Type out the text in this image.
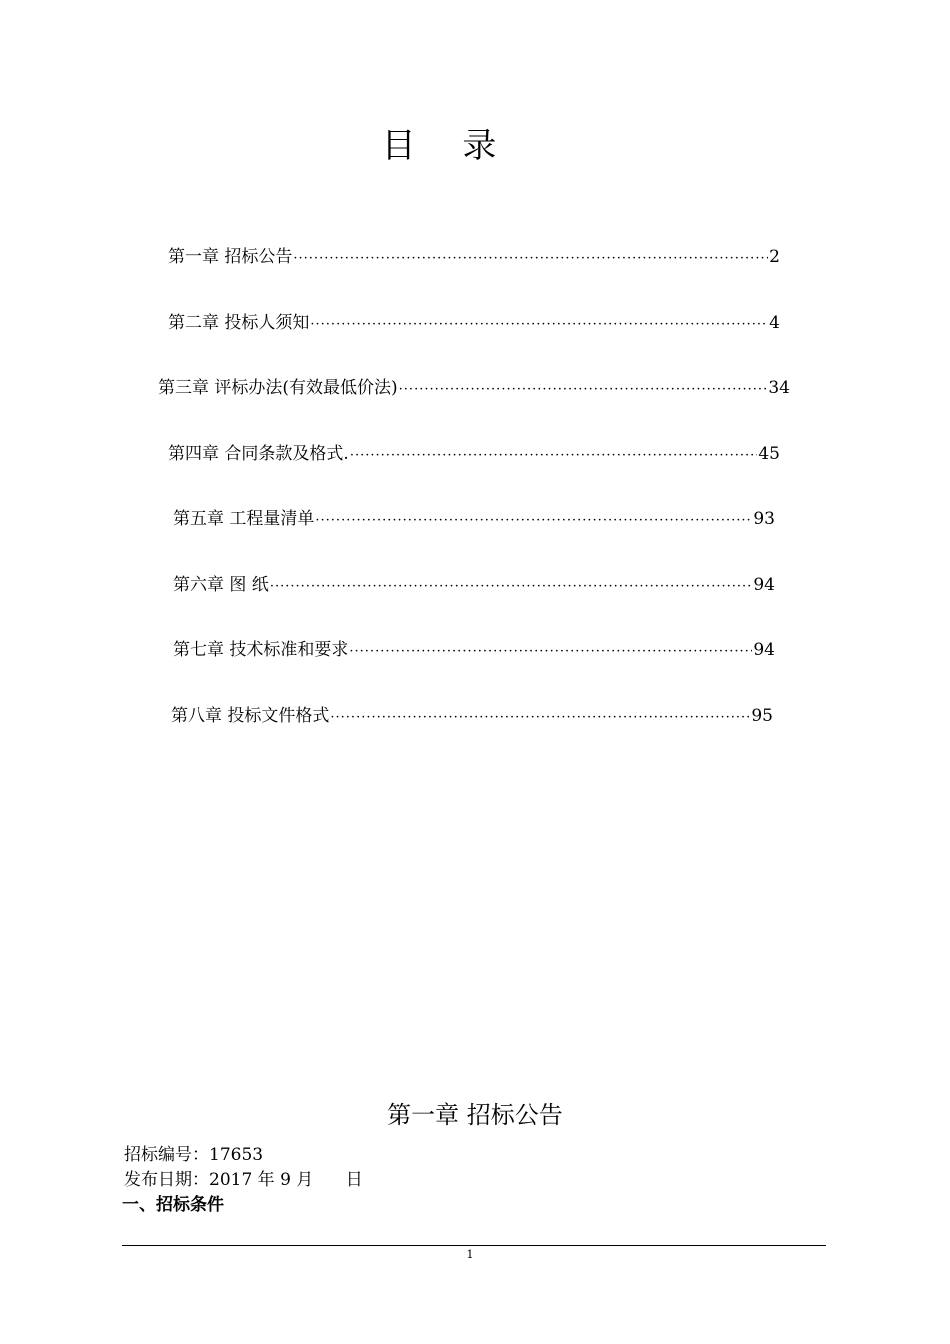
目 录
第一章 招标公告 ·····	2
第二章 投标人须知 ·····	4
第三章 评标办法(有效最低价法) ·····	34
第四章 合同条款及格式. ·····	45
第五章 工程量清单 ·····	93
第六章 图 纸 ·····	94
第七章 技术标准和要求 ·····	94
第八章 投标文件格式 ·····	95
第一章 招标公告
招标编号：17653
发布日期：2017 年 9 月      日
一、招标条件
1
